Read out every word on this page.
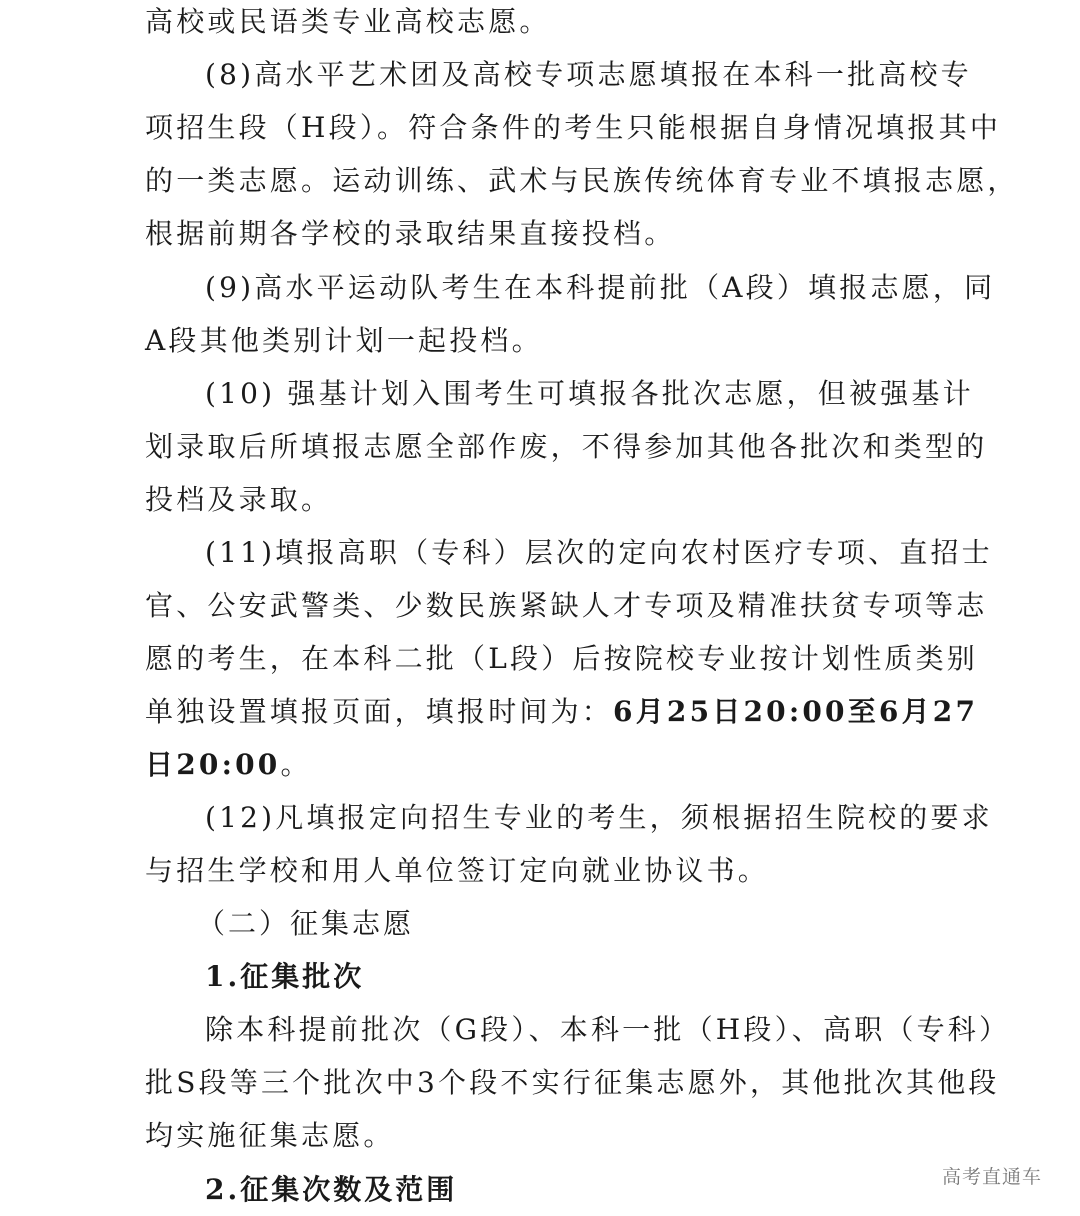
高校或民语类专业高校志愿。
(8)高水平艺术团及高校专项志愿填报在本科一批高校专
项招生段（H段）。符合条件的考生只能根据自身情况填报其中
的一类志愿。运动训练、武术与民族传统体育专业不填报志愿，
根据前期各学校的录取结果直接投档。
(9)高水平运动队考生在本科提前批（A段）填报志愿，同
A段其他类别计划一起投档。
(10) 强基计划入围考生可填报各批次志愿，但被强基计
划录取后所填报志愿全部作废，不得参加其他各批次和类型的
投档及录取。
(11)填报高职（专科）层次的定向农村医疗专项、直招士
官、公安武警类、少数民族紧缺人才专项及精准扶贫专项等志
愿的考生，在本科二批（L段）后按院校专业按计划性质类别
单独设置填报页面，填报时间为：6月25日20:00至6月27
日20:00。
(12)凡填报定向招生专业的考生，须根据招生院校的要求
与招生学校和用人单位签订定向就业协议书。
（二）征集志愿
1.征集批次
除本科提前批次（G段）、本科一批（H段）、高职（专科）
批S段等三个批次中3个段不实行征集志愿外，其他批次其他段
均实施征集志愿。
2.征集次数及范围	高考直通车
